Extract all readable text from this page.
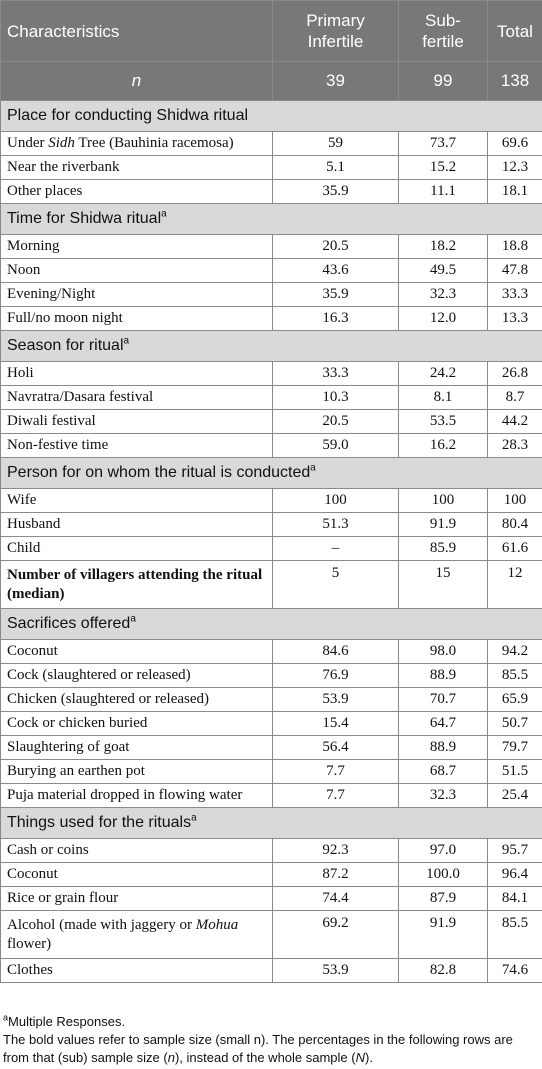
Characteristics	Primary Infertile	Sub-fertile	Total
n	39	99	138
Place for conducting Shidwa ritual			
Under Sidh Tree (Bauhinia racemosa)	59	73.7	69.6
Near the riverbank	5.1	15.2	12.3
Other places	35.9	11.1	18.1
Time for Shidwa ritual$^a$
Morning	20.5	18.2	18.8
Noon	43.6	49.5	47.8
Evening/Night	35.9	32.3	33.3
Full/no moon night	16.3	12.0	13.3
Season for ritual$^a$
Holi	33.3	24.2	26.8
Navratra/Dasara festival	10.3	8.1	8.7
Diwali festival	20.5	53.5	44.2
Non-festive time	59.0	16.2	28.3
Person for on whom the ritual is conducted$^a$
Wife	100	100	100
Husband	51.3	91.9	80.4
Child	–	85.9	61.6
Number of villagers attending the ritual (median)	5	15	12
Sacrifices offered$^a$
Coconut	84.6	98.0	94.2
Cock (slaughtered or released)	76.9	88.9	85.5
Chicken (slaughtered or released)	53.9	70.7	65.9
Cock or chicken buried	15.4	64.7	50.7
Slaughtering of goat	56.4	88.9	79.7
Burying an earthen pot	7.7	68.7	51.5
Puja material dropped in flowing water	7.7	32.3	25.4
Things used for the rituals$^a$
Cash or coins	92.3	97.0	95.7
Coconut	87.2	100.0	96.4
Rice or grain flour	74.4	87.9	84.1
Alcohol (made with jaggery or Mohua flower)	69.2	91.9	85.5
Clothes	53.9	82.8	74.6

$^a$Multiple Responses.

The bold values refer to sample size (small n). The percentages in the following rows are from that (sub) sample size (n), instead of the whole sample (N).
